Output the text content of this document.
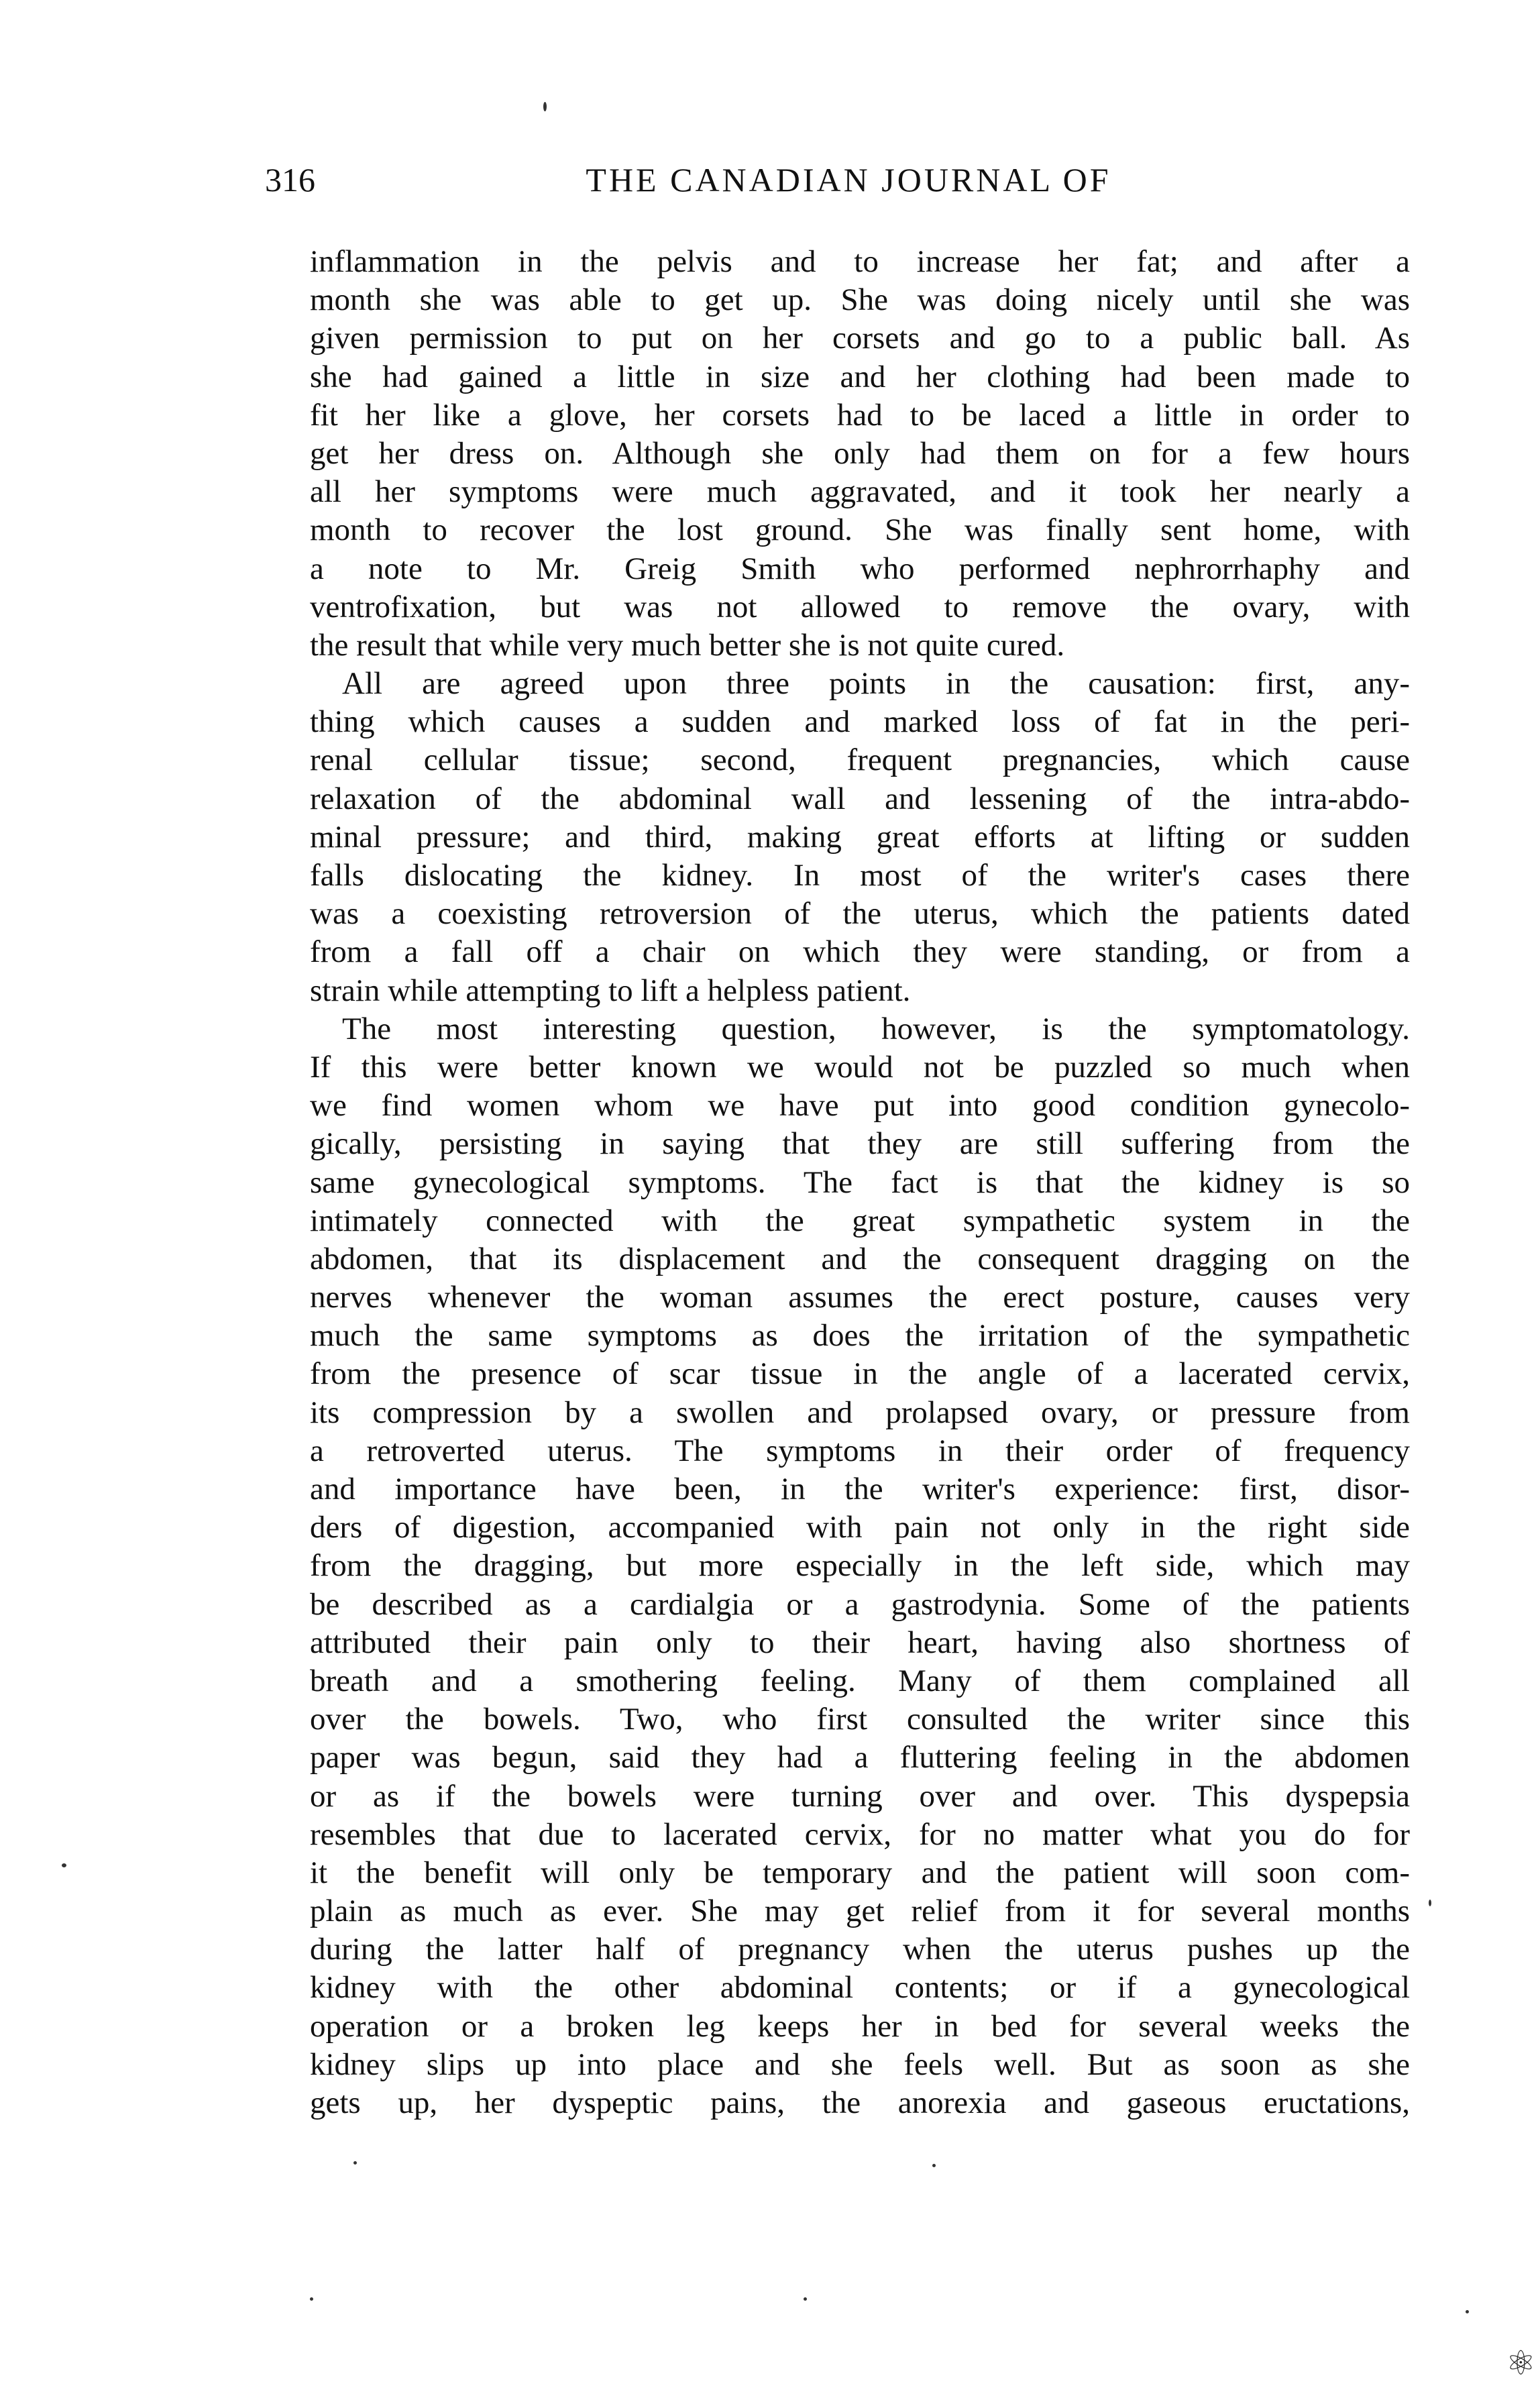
316	THE CANADIAN JOURNAL OF
inflammation in the pelvis and to increase her fat; and after a
month she was able to get up. She was doing nicely until she was
given permission to put on her corsets and go to a public ball. As
she had gained a little in size and her clothing had been made to
fit her like a glove, her corsets had to be laced a little in order to
get her dress on. Although she only had them on for a few hours
all her symptoms were much aggravated, and it took her nearly a
month to recover the lost ground. She was finally sent home, with
a note to Mr. Greig Smith who performed nephrorrhaphy and
ventrofixation, but was not allowed to remove the ovary, with
the result that while very much better she is not quite cured.
All are agreed upon three points in the causation: first, any-
thing which causes a sudden and marked loss of fat in the peri-
renal cellular tissue; second, frequent pregnancies, which cause
relaxation of the abdominal wall and lessening of the intra-abdo-
minal pressure; and third, making great efforts at lifting or sudden
falls dislocating the kidney. In most of the writer's cases there
was a coexisting retroversion of the uterus, which the patients dated
from a fall off a chair on which they were standing, or from a
strain while attempting to lift a helpless patient.
The most interesting question, however, is the symptomatology.
If this were better known we would not be puzzled so much when
we find women whom we have put into good condition gynecolo-
gically, persisting in saying that they are still suffering from the
same gynecological symptoms. The fact is that the kidney is so
intimately connected with the great sympathetic system in the
abdomen, that its displacement and the consequent dragging on the
nerves whenever the woman assumes the erect posture, causes very
much the same symptoms as does the irritation of the sympathetic
from the presence of scar tissue in the angle of a lacerated cervix,
its compression by a swollen and prolapsed ovary, or pressure from
a retroverted uterus. The symptoms in their order of frequency
and importance have been, in the writer's experience: first, disor-
ders of digestion, accompanied with pain not only in the right side
from the dragging, but more especially in the left side, which may
be described as a cardialgia or a gastrodynia. Some of the patients
attributed their pain only to their heart, having also shortness of
breath and a smothering feeling. Many of them complained all
over the bowels. Two, who first consulted the writer since this
paper was begun, said they had a fluttering feeling in the abdomen
or as if the bowels were turning over and over. This dyspepsia
resembles that due to lacerated cervix, for no matter what you do for
it the benefit will only be temporary and the patient will soon com-
plain as much as ever. She may get relief from it for several months
during the latter half of pregnancy when the uterus pushes up the
kidney with the other abdominal contents; or if a gynecological
operation or a broken leg keeps her in bed for several weeks the
kidney slips up into place and she feels well. But as soon as she
gets up, her dyspeptic pains, the anorexia and gaseous eructations,
⚛
